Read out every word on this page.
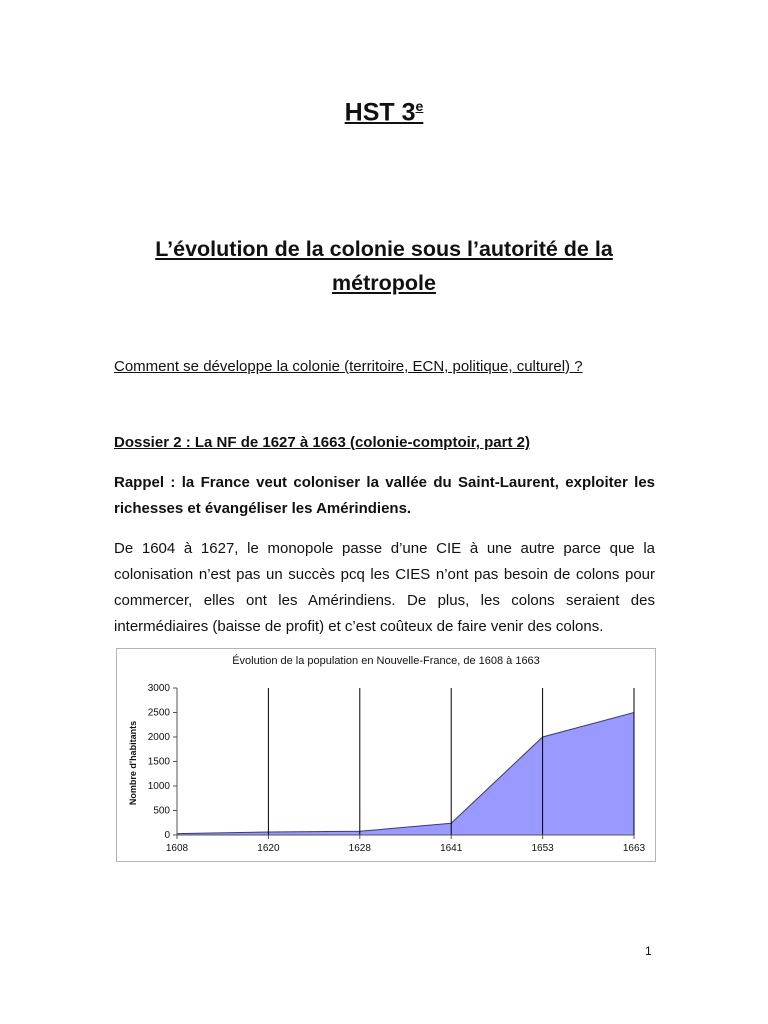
HST 3e
L’évolution de la colonie sous l’autorité de la
métropole
Comment se développe la colonie (territoire, ECN, politique, culturel) ?
Dossier 2 : La NF de 1627 à 1663 (colonie-comptoir, part 2)
Rappel : la France veut coloniser la vallée du Saint-Laurent, exploiter les richesses et évangéliser les Amérindiens.
De 1604 à 1627, le monopole passe d’une CIE à une autre parce que la colonisation n’est pas un succès pcq les CIES n’ont pas besoin de colons pour commercer, elles ont les Amérindiens. De plus, les colons seraient des intermédiaires (baisse de profit) et c’est coûteux de faire venir des colons.
Évolution de la population en Nouvelle-France, de 1608 à 1663
Nombre d'habitants
0
500
1000
1500
2000
2500
3000
1608	1620	1628	1641	1653	1663
1
